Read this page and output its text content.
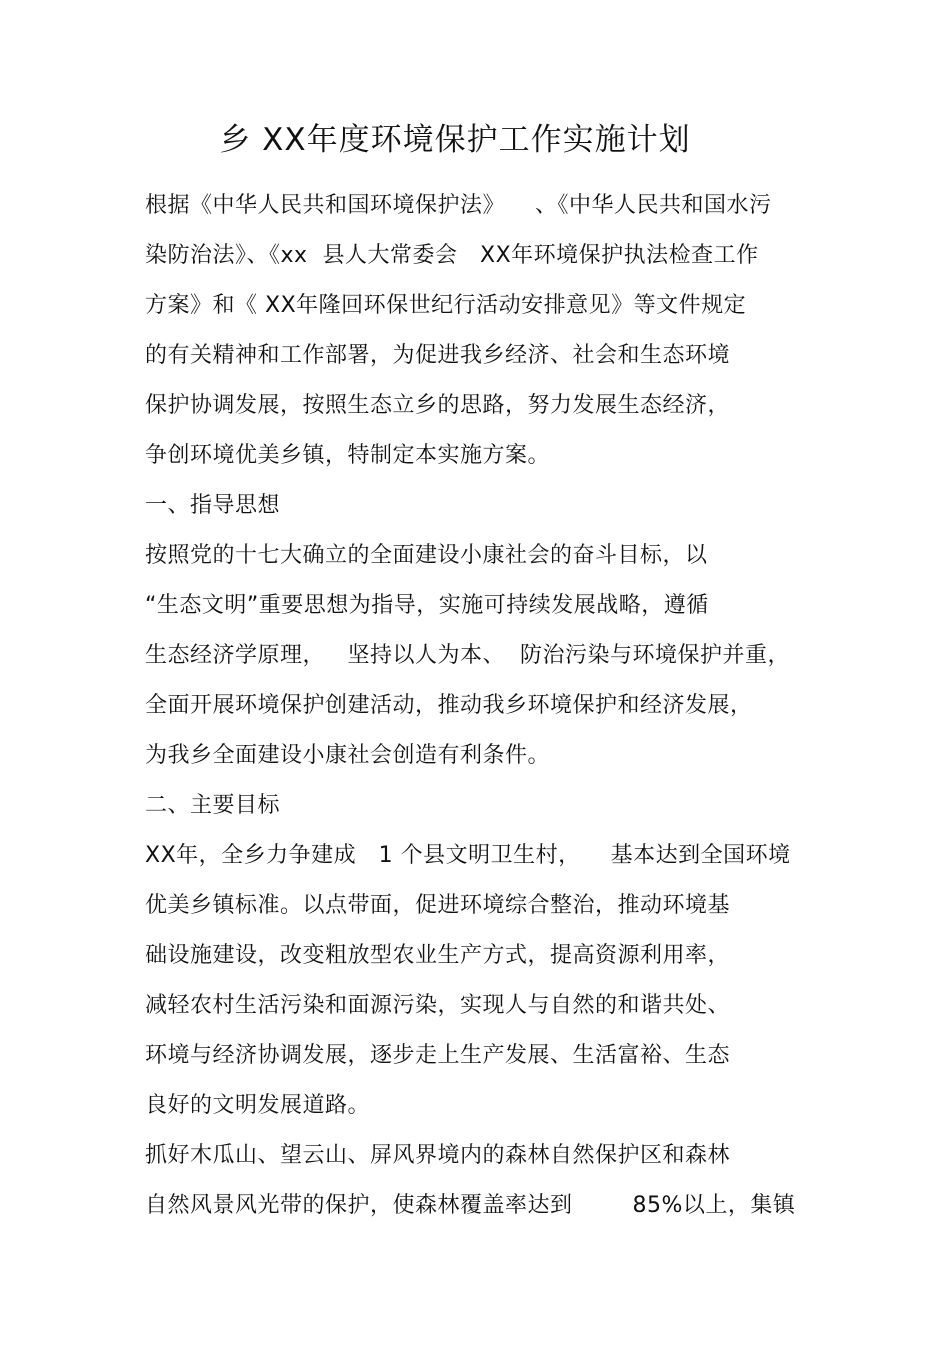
乡 XX年度环境保护工作实施计划
根据《中华人民共和国环境保护法》    、《中华人民共和国水污
染防治法》、《xx  县人大常委会   XX年环境保护执法检查工作
方案》和《 XX年隆回环保世纪行活动安排意见》等文件规定
的有关精神和工作部署，为促进我乡经济、社会和生态环境
保护协调发展，按照生态立乡的思路，努力发展生态经济，
争创环境优美乡镇，特制定本实施方案。
一、指导思想
按照党的十七大确立的全面建设小康社会的奋斗目标，以
“生态文明”重要思想为指导，实施可持续发展战略，遵循
生态经济学原理，   坚持以人为本、  防治污染与环境保护并重，
全面开展环境保护创建活动，推动我乡环境保护和经济发展，
为我乡全面建设小康社会创造有利条件。
二、主要目标
XX年，全乡力争建成   1 个县文明卫生村，    基本达到全国环境
优美乡镇标准。以点带面，促进环境综合整治，推动环境基
础设施建设，改变粗放型农业生产方式，提高资源利用率，
减轻农村生活污染和面源污染，实现人与自然的和谐共处、
环境与经济协调发展，逐步走上生产发展、生活富裕、生态
良好的文明发展道路。
抓好木瓜山、望云山、屏风界境内的森林自然保护区和森林
自然风景风光带的保护，使森林覆盖率达到        85%以上，集镇
